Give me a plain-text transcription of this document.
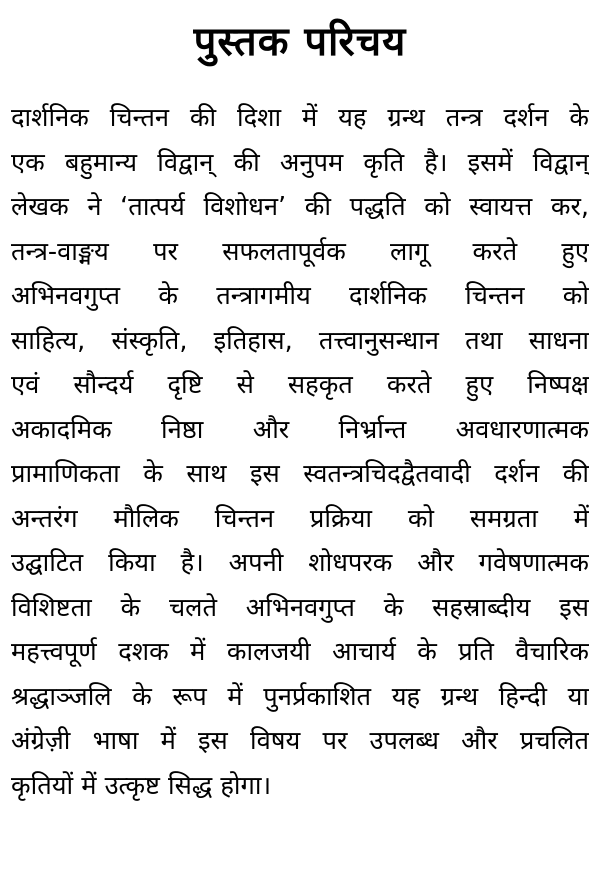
पुस्तक परिचय
दार्शनिक चिन्तन की दिशा में यह ग्रन्थ तन्त्र दर्शन के
एक बहुमान्य विद्वान् की अनुपम कृति है। इसमें विद्वान्
लेखक ने ‘तात्पर्य विशोधन’ की पद्धति को स्वायत्त कर,
तन्त्र-वाङ्मय पर सफलतापूर्वक लागू करते हुए
अभिनवगुप्त के तन्त्रागमीय दार्शनिक चिन्तन को
साहित्य, संस्कृति, इतिहास, तत्त्वानुसन्धान तथा साधना
एवं सौन्दर्य दृष्टि से सहकृत करते हुए निष्पक्ष
अकादमिक निष्ठा और निर्भ्रान्त अवधारणात्मक
प्रामाणिकता के साथ इस स्वतन्त्रचिदद्वैतवादी दर्शन की
अन्तरंग मौलिक चिन्तन प्रक्रिया को समग्रता में
उद्घाटित किया है। अपनी शोधपरक और गवेषणात्मक
विशिष्टता के चलते अभिनवगुप्त के सहस्राब्दीय इस
महत्त्वपूर्ण दशक में कालजयी आचार्य के प्रति वैचारिक
श्रद्धाञ्जलि के रूप में पुनर्प्रकाशित यह ग्रन्थ हिन्दी या
अंग्रेज़ी भाषा में इस विषय पर उपलब्ध और प्रचलित
कृतियों में उत्कृष्ट सिद्ध होगा।
